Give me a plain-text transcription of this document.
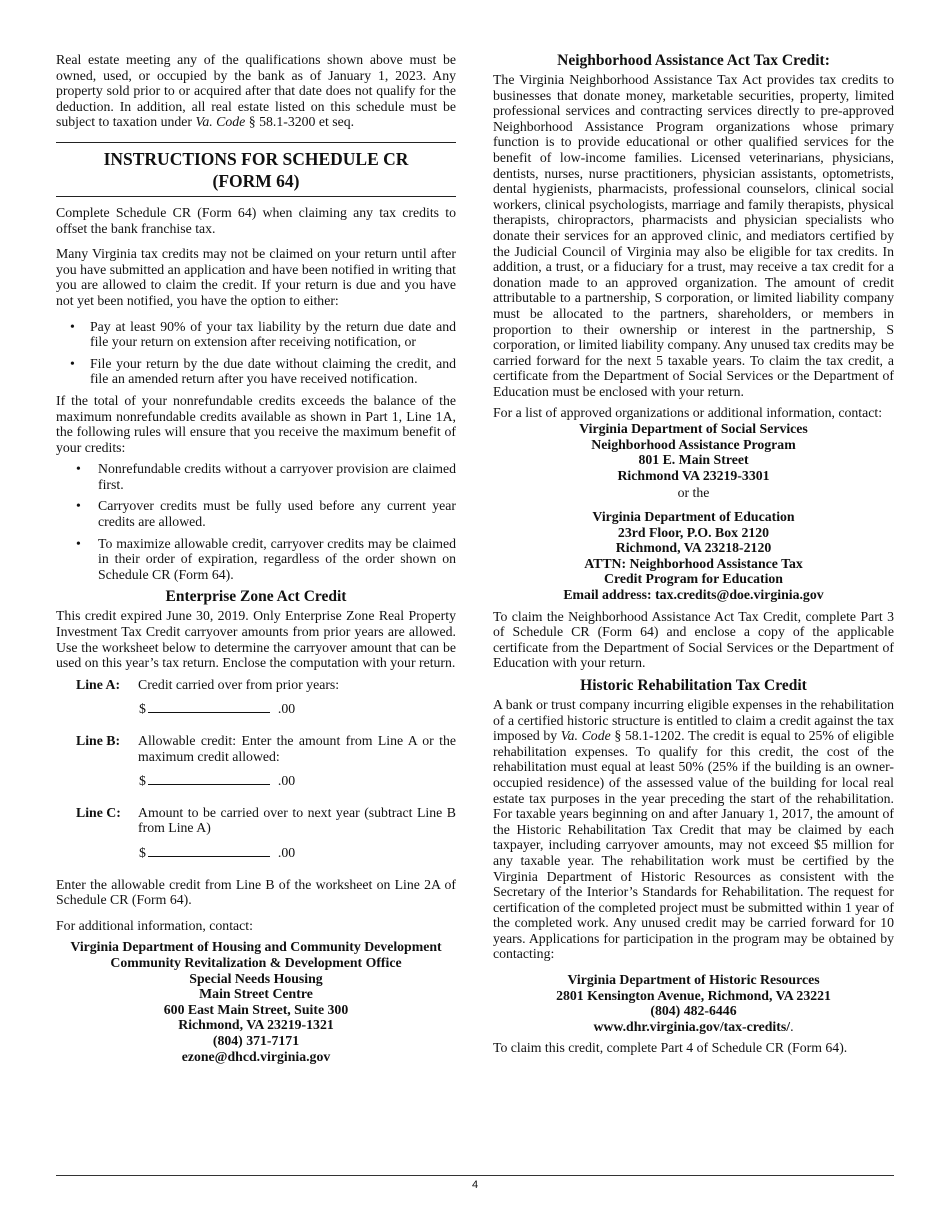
Real estate meeting any of the qualifications shown above must be owned, used, or occupied by the bank as of January 1, 2023. Any property sold prior to or acquired after that date does not qualify for the deduction. In addition, all real estate listed on this schedule must be subject to taxation under Va. Code § 58.1-3200 et seq.

INSTRUCTIONS FOR SCHEDULE CR
(FORM 64)

Complete Schedule CR (Form 64) when claiming any tax credits to offset the bank franchise tax.

Many Virginia tax credits may not be claimed on your return until after you have submitted an application and have been notified in writing that you are allowed to claim the credit. If your return is due and you have not yet been notified, you have the option to either:

• Pay at least 90% of your tax liability by the return due date and file your return on extension after receiving notification, or
• File your return by the due date without claiming the credit, and file an amended return after you have received notification.

If the total of your nonrefundable credits exceeds the balance of the maximum nonrefundable credits available as shown in Part 1, Line 1A, the following rules will ensure that you receive the maximum benefit of your credits:

• Nonrefundable credits without a carryover provision are claimed first.
• Carryover credits must be fully used before any current year credits are allowed.
• To maximize allowable credit, carryover credits may be claimed in their order of expiration, regardless of the order shown on Schedule CR (Form 64).
Enterprise Zone Act Credit

This credit expired June 30, 2019. Only Enterprise Zone Real Property Investment Tax Credit carryover amounts from prior years are allowed. Use the worksheet below to determine the carryover amount that can be used on this year’s tax return. Enclose the computation with your return.

Line A:	Credit carried over from prior years:
$	.00
Line B:	Allowable credit: Enter the amount from Line A or the maximum credit allowed:
$	.00
Line C:	Amount to be carried over to next year (subtract Line B from Line A)
$	.00

Enter the allowable credit from Line B of the worksheet on Line 2A of Schedule CR (Form 64).

For additional information, contact:

Virginia Department of Housing and Community Development
Community Revitalization & Development Office
Special Needs Housing
Main Street Centre
600 East Main Street, Suite 300
Richmond, VA 23219-1321
(804) 371-7171
ezone@dhcd.virginia.gov
Neighborhood Assistance Act Tax Credit:

The Virginia Neighborhood Assistance Tax Act provides tax credits to businesses that donate money, marketable securities, property, limited professional services and contracting services directly to pre-approved Neighborhood Assistance Program organizations whose primary function is to provide educational or other qualified services for the benefit of low-income families. Licensed veterinarians, physicians, dentists, nurses, nurse practitioners, physician assistants, optometrists, dental hygienists, pharmacists, professional counselors, clinical social workers, clinical psychologists, marriage and family therapists, physical therapists, chiropractors, pharmacists and physician specialists who donate their services for an approved clinic, and mediators certified by the Judicial Council of Virginia may also be eligible for tax credits. In addition, a trust, or a fiduciary for a trust, may receive a tax credit for a donation made to an approved organization. The amount of credit attributable to a partnership, S corporation, or limited liability company must be allocated to the partners, shareholders, or members in proportion to their ownership or interest in the partnership, S corporation, or limited liability company. Any unused tax credits may be carried forward for the next 5 taxable years. To claim the tax credit, a certificate from the Department of Social Services or the Department of Education must be enclosed with your return.

For a list of approved organizations or additional information, contact:

Virginia Department of Social Services
Neighborhood Assistance Program
801 E. Main Street
Richmond VA 23219-3301
or the
Virginia Department of Education
23rd Floor, P.O. Box 2120
Richmond, VA 23218-2120
ATTN: Neighborhood Assistance Tax
Credit Program for Education
Email address: tax.credits@doe.virginia.gov

To claim the Neighborhood Assistance Act Tax Credit, complete Part 3 of Schedule CR (Form 64) and enclose a copy of the applicable certificate from the Department of Social Services or the Department of Education with your return.

Historic Rehabilitation Tax Credit

A bank or trust company incurring eligible expenses in the rehabilitation of a certified historic structure is entitled to claim a credit against the tax imposed by Va. Code § 58.1-1202. The credit is equal to 25% of eligible rehabilitation expenses. To qualify for this credit, the cost of the rehabilitation must equal at least 50% (25% if the building is an owner-occupied residence) of the assessed value of the building for local real estate tax purposes in the year preceding the start of the rehabilitation. For taxable years beginning on and after January 1, 2017, the amount of the Historic Rehabilitation Tax Credit that may be claimed by each taxpayer, including carryover amounts, may not exceed $5 million for any taxable year. The rehabilitation work must be certified by the Virginia Department of Historic Resources as consistent with the Secretary of the Interior’s Standards for Rehabilitation. The request for certification of the completed project must be submitted within 1 year of the completed work. Any unused credit may be carried forward for 10 years. Applications for participation in the program may be obtained by contacting:

Virginia Department of Historic Resources
2801 Kensington Avenue, Richmond, VA 23221
(804) 482-6446
www.dhr.virginia.gov/tax-credits/.

To claim this credit, complete Part 4 of Schedule CR (Form 64).

4
